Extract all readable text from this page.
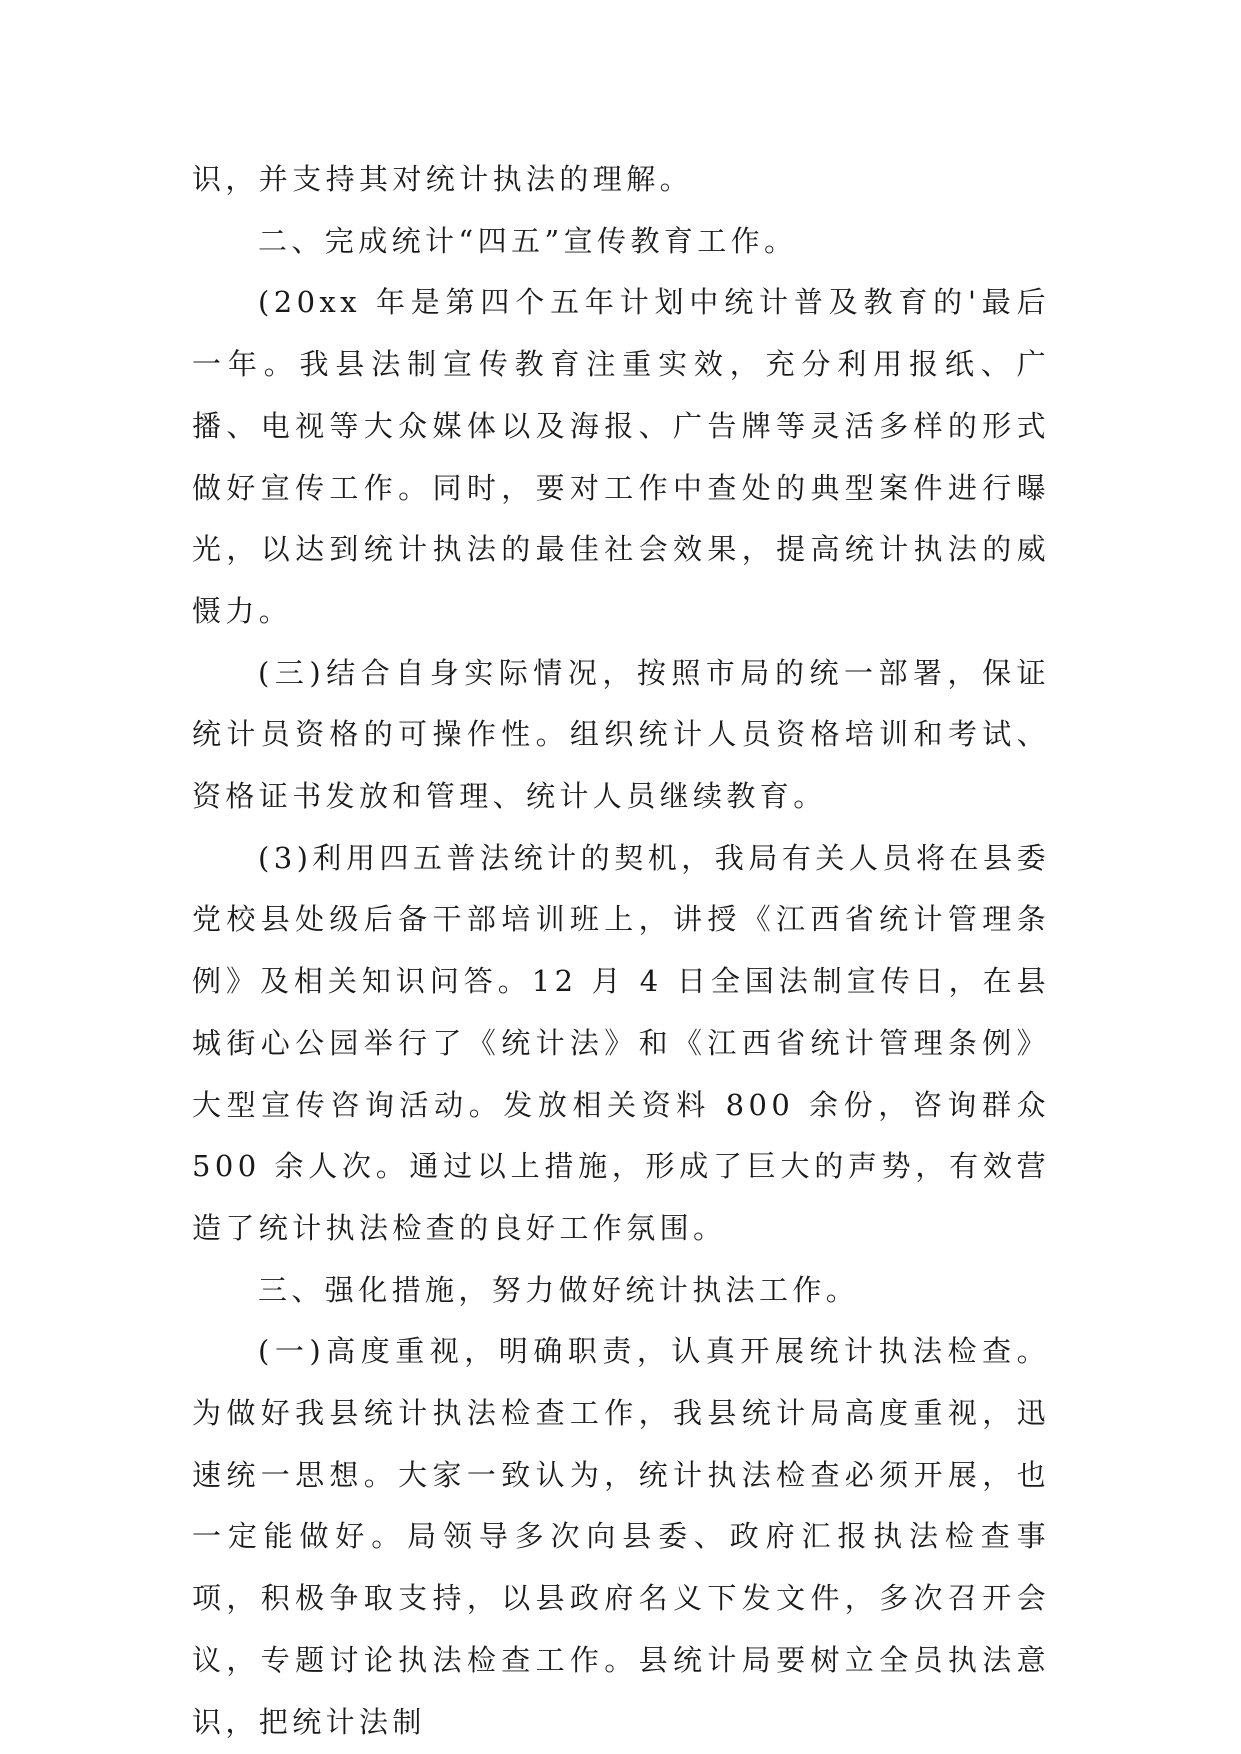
识，并支持其对统计执法的理解。

二、完成统计“四五”宣传教育工作。

(20xx 年是第四个五年计划中统计普及教育的'最后一年。我县法制宣传教育注重实效，充分利用报纸、广播、电视等大众媒体以及海报、广告牌等灵活多样的形式做好宣传工作。同时，要对工作中查处的典型案件进行曝光，以达到统计执法的最佳社会效果，提高统计执法的威慑力。

(三)结合自身实际情况，按照市局的统一部署，保证统计员资格的可操作性。组织统计人员资格培训和考试、资格证书发放和管理、统计人员继续教育。

(3)利用四五普法统计的契机，我局有关人员将在县委党校县处级后备干部培训班上，讲授《江西省统计管理条例》及相关知识问答。12 月 4 日全国法制宣传日，在县城街心公园举行了《统计法》和《江西省统计管理条例》大型宣传咨询活动。发放相关资料 800 余份，咨询群众 500 余人次。通过以上措施，形成了巨大的声势，有效营造了统计执法检查的良好工作氛围。

三、强化措施，努力做好统计执法工作。

(一)高度重视，明确职责，认真开展统计执法检查。为做好我县统计执法检查工作，我县统计局高度重视，迅速统一思想。大家一致认为，统计执法检查必须开展，也一定能做好。局领导多次向县委、政府汇报执法检查事项，积极争取支持，以县政府名义下发文件，多次召开会议，专题讨论执法检查工作。县统计局要树立全员执法意识，把统计法制
